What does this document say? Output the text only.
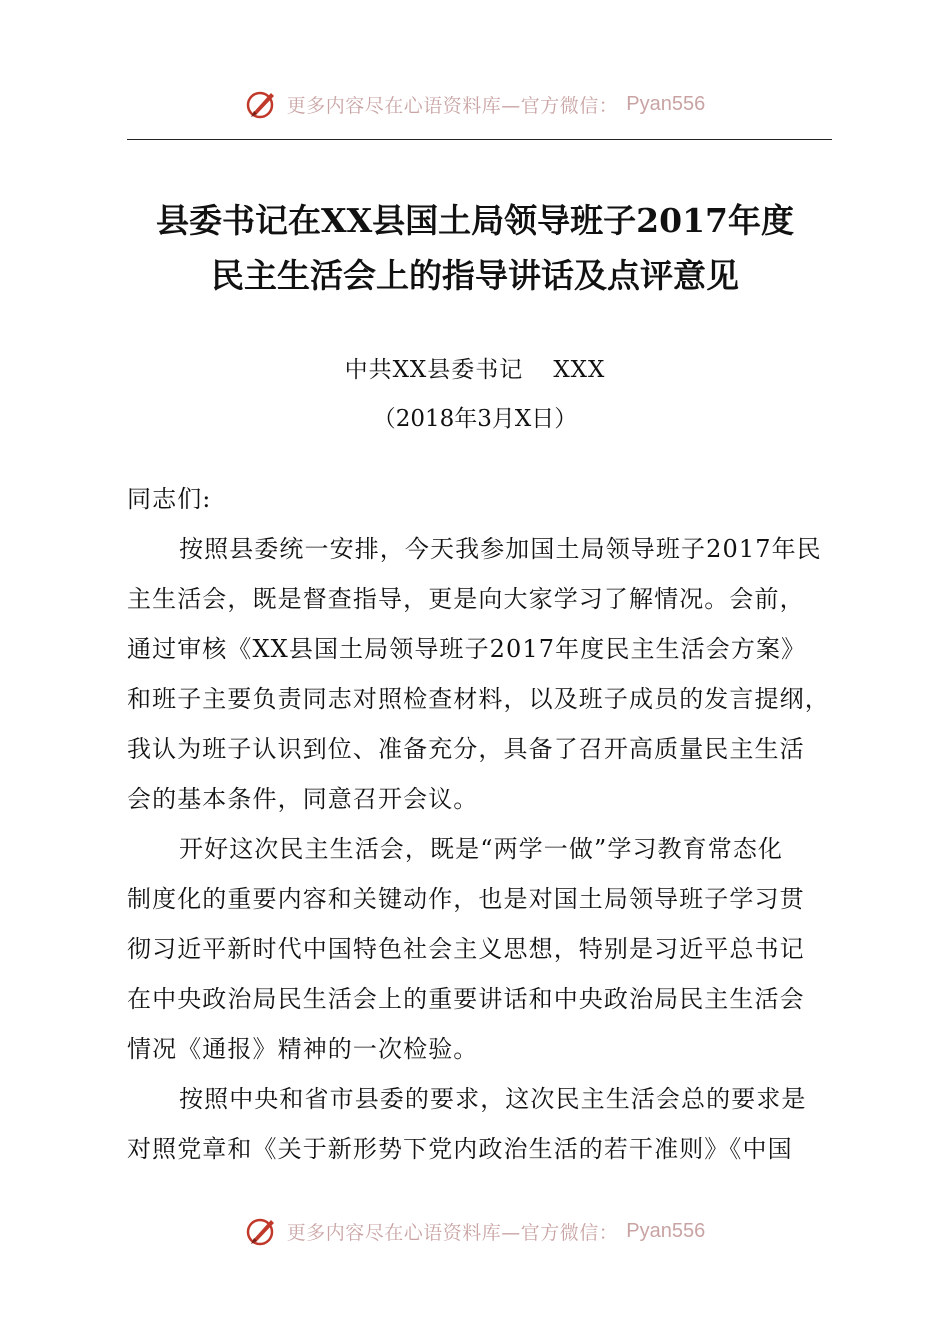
更多内容尽在心语资料库—官方微信： Pyan556
县委书记在XX县国土局领导班子2017年度
民主生活会上的指导讲话及点评意见
中共XX县委书记 XXX
（2018年3月X日）
同志们:
按照县委统一安排，今天我参加国土局领导班子2017年民
主生活会，既是督查指导，更是向大家学习了解情况。会前，
通过审核《XX县国土局领导班子2017年度民主生活会方案》
和班子主要负责同志对照检查材料，以及班子成员的发言提纲，
我认为班子认识到位、准备充分，具备了召开高质量民主生活
会的基本条件，同意召开会议。
开好这次民主生活会，既是“两学一做”学习教育常态化
制度化的重要内容和关键动作，也是对国土局领导班子学习贯
彻习近平新时代中国特色社会主义思想，特别是习近平总书记
在中央政治局民生活会上的重要讲话和中央政治局民主生活会
情况《通报》精神的一次检验。
按照中央和省市县委的要求，这次民主生活会总的要求是
对照党章和《关于新形势下党内政治生活的若干准则》《中国
更多内容尽在心语资料库—官方微信： Pyan556
